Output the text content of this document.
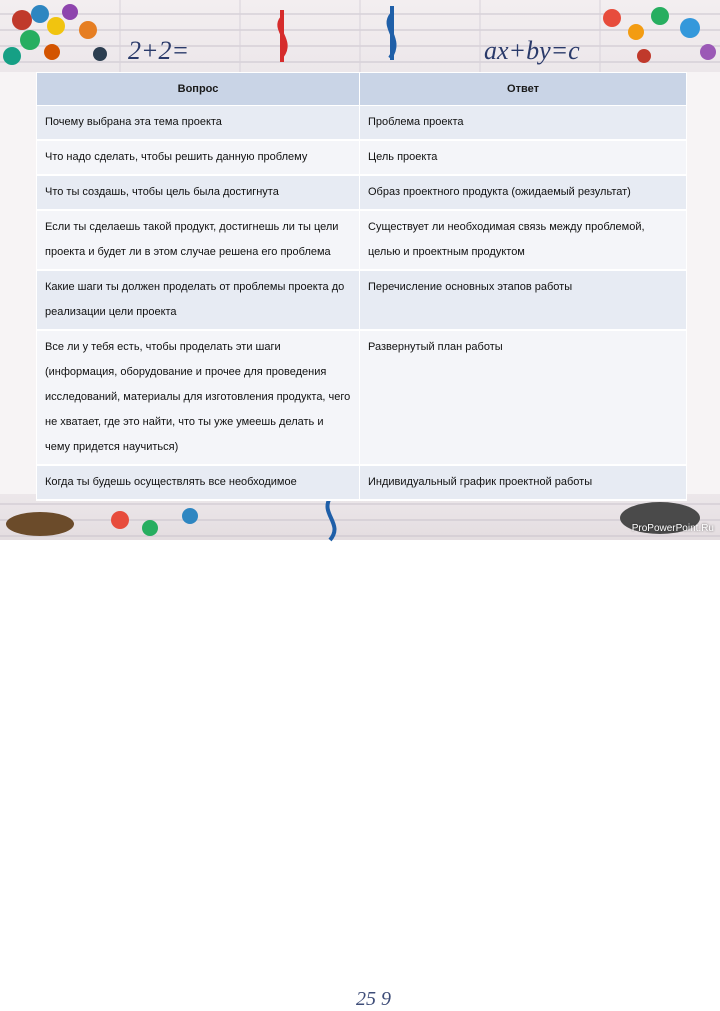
2+2=	ax+by=c
25 9
ProPowerPoint.Ru
Вопрос	Ответ
Почему выбрана эта тема проекта	Проблема проекта
Что надо сделать, чтобы решить данную проблему	Цель проекта
Что ты создашь, чтобы цель была достигнута	Образ проектного продукта (ожидаемый результат)
Если ты сделаешь такой продукт, достигнешь ли ты цели проекта и будет ли в этом случае решена его проблема	Существует ли необходимая связь между проблемой, целью и проектным продуктом
Какие шаги ты должен проделать от проблемы проекта до реализации цели проекта	Перечисление основных этапов работы
Все ли у тебя есть, чтобы проделать эти шаги (информация, оборудование и прочее для проведения исследований, материалы для изготовления продукта, чего не хватает, где это найти, что ты уже умеешь делать и чему придется научиться)	Развернутый план работы
Когда ты будешь осуществлять все необходимое	Индивидуальный график проектной работы
